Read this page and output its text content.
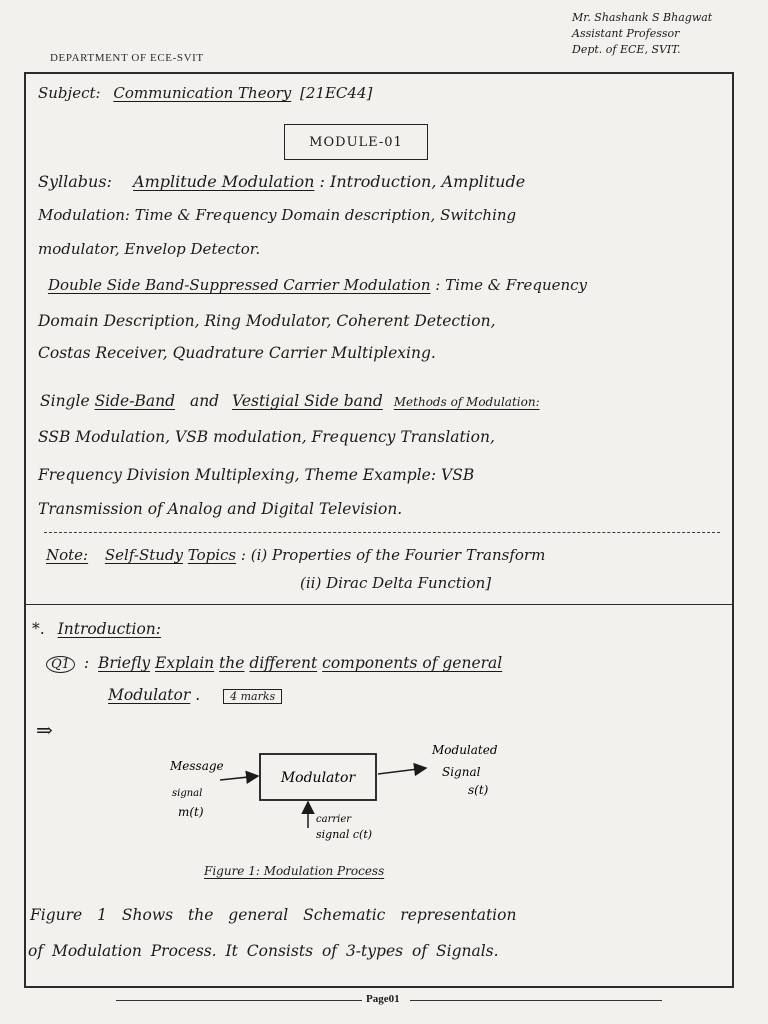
Mr. Shashank S Bhagwat
Assistant Professor
Dept. of ECE, SVIT.
DEPARTMENT OF ECE-SVIT
Subject: Communication Theory [21EC44]
MODULE-01
Syllabus: Amplitude Modulation : Introduction, Amplitude
Modulation: Time & Frequency Domain description, Switching
modulator, Envelop Detector.
Double Side Band-Suppressed Carrier Modulation : Time & Frequency
Domain Description, Ring Modulator, Coherent Detection,
Costas Receiver, Quadrature Carrier Multiplexing.
Single Side-Band and Vestigial Side band Methods of Modulation:
SSB Modulation, VSB modulation, Frequency Translation,
Frequency Division Multiplexing, Theme Example: VSB
Transmission of Analog and Digital Television.
Note: Self-Study Topics : (i) Properties of the Fourier Transform
(ii) Dirac Delta Function]
*. Introduction:
Q1 : Briefly Explain the different components of general
Modulator .	4 marks
⇒
Modulator
Message
signal
m(t)
Modulated
Signal
s(t)
carrier
signal c(t)
Figure 1: Modulation Process
Figure 1 Shows the general Schematic representation
of Modulation Process. It Consists of 3-types of Signals.
Page01
